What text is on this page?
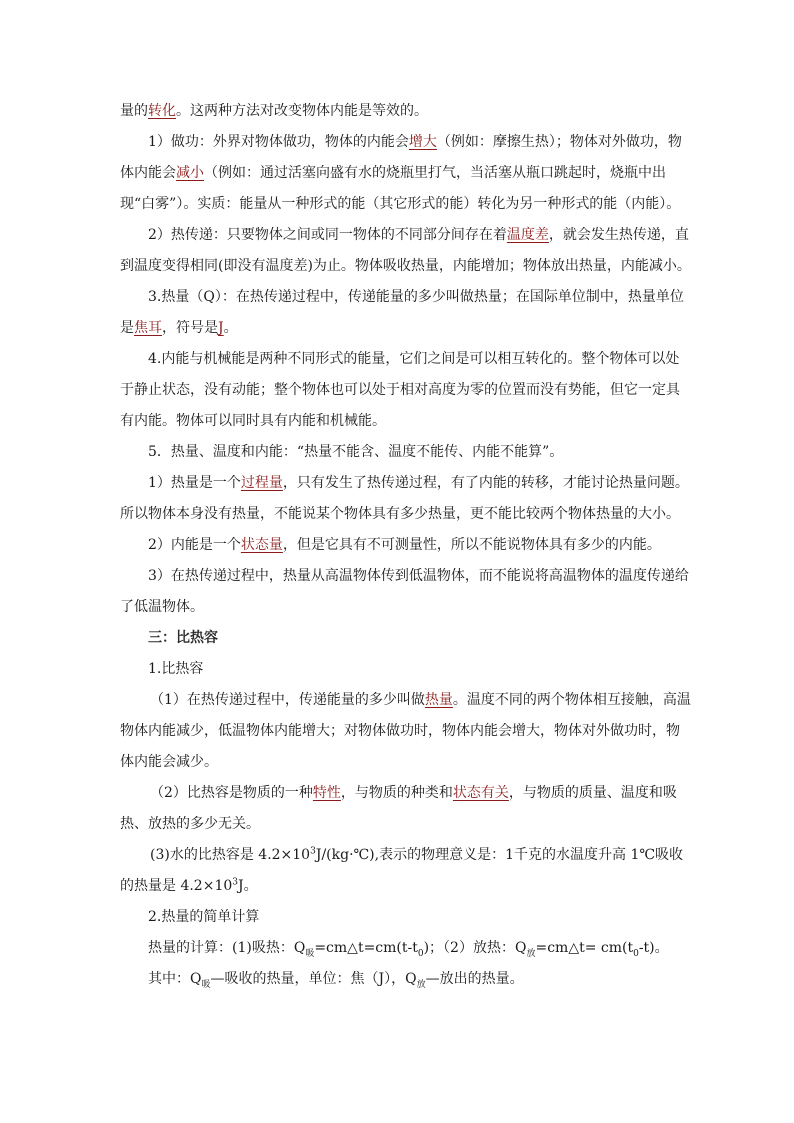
量的转化。这两种方法对改变物体内能是等效的。

1）做功：外界对物体做功，物体的内能会增大（例如：摩擦生热）；物体对外做功，物体内能会减小（例如：通过活塞向盛有水的烧瓶里打气，当活塞从瓶口跳起时，烧瓶中出现“白雾”）。实质：能量从一种形式的能（其它形式的能）转化为另一种形式的能（内能）。

2）热传递：只要物体之间或同一物体的不同部分间存在着温度差，就会发生热传递，直到温度变得相同(即没有温度差)为止。物体吸收热量，内能增加；物体放出热量，内能减小。

3.热量（Q）：在热传递过程中，传递能量的多少叫做热量；在国际单位制中，热量单位是焦耳，符号是J。

4.内能与机械能是两种不同形式的能量，它们之间是可以相互转化的。整个物体可以处于静止状态，没有动能；整个物体也可以处于相对高度为零的位置而没有势能，但它一定具有内能。物体可以同时具有内能和机械能。

5．热量、温度和内能：“热量不能含、温度不能传、内能不能算”。

1）热量是一个过程量，只有发生了热传递过程，有了内能的转移，才能讨论热量问题。所以物体本身没有热量，不能说某个物体具有多少热量，更不能比较两个物体热量的大小。

2）内能是一个状态量，但是它具有不可测量性，所以不能说物体具有多少的内能。

3）在热传递过程中，热量从高温物体传到低温物体，而不能说将高温物体的温度传递给了低温物体。

三：比热容

1.比热容

（1）在热传递过程中，传递能量的多少叫做热量。温度不同的两个物体相互接触，高温物体内能减少，低温物体内能增大；对物体做功时，物体内能会增大，物体对外做功时，物体内能会减少。

（2）比热容是物质的一种特性，与物质的种类和状态有关，与物质的质量、温度和吸热、放热的多少无关。

(3)水的比热容是 $4.2\times 10^3J/(kg\cdot℃)$,表示的物理意义是：1千克的水温度升高 1℃吸收的热量是 $4.2\times 10^3J$。

2.热量的简单计算

热量的计算：(1)吸热：$Q_吸=cm\triangle t=cm(t-t_0)$；（2）放热：$Q_放=cm\triangle t= cm(t_0-t)$。

其中：$Q_吸—$吸收的热量，单位：焦（J），$Q_放—$放出的热量。
